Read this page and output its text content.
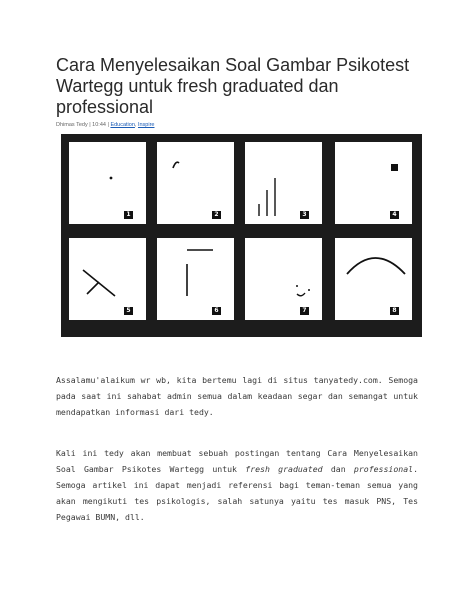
Cara Menyelesaikan Soal Gambar Psikotest Wartegg untuk fresh graduated dan professional
Dhimas Tedy | 10:44 | Education, Inspire
1	2	3	4
5	6	7	8

Assalamu'alaikum wr wb, kita bertemu lagi di situs tanyatedy.com. Semoga pada saat ini sahabat admin semua dalam keadaan segar dan semangat untuk mendapatkan informasi dari tedy.

Kali ini tedy akan membuat sebuah postingan tentang Cara Menyelesaikan Soal Gambar Psikotes Wartegg untuk fresh graduated dan professional. Semoga artikel ini dapat menjadi referensi bagi teman-teman semua yang akan mengikuti tes psikologis, salah satunya yaitu tes masuk PNS, Tes Pegawai BUMN, dll.
